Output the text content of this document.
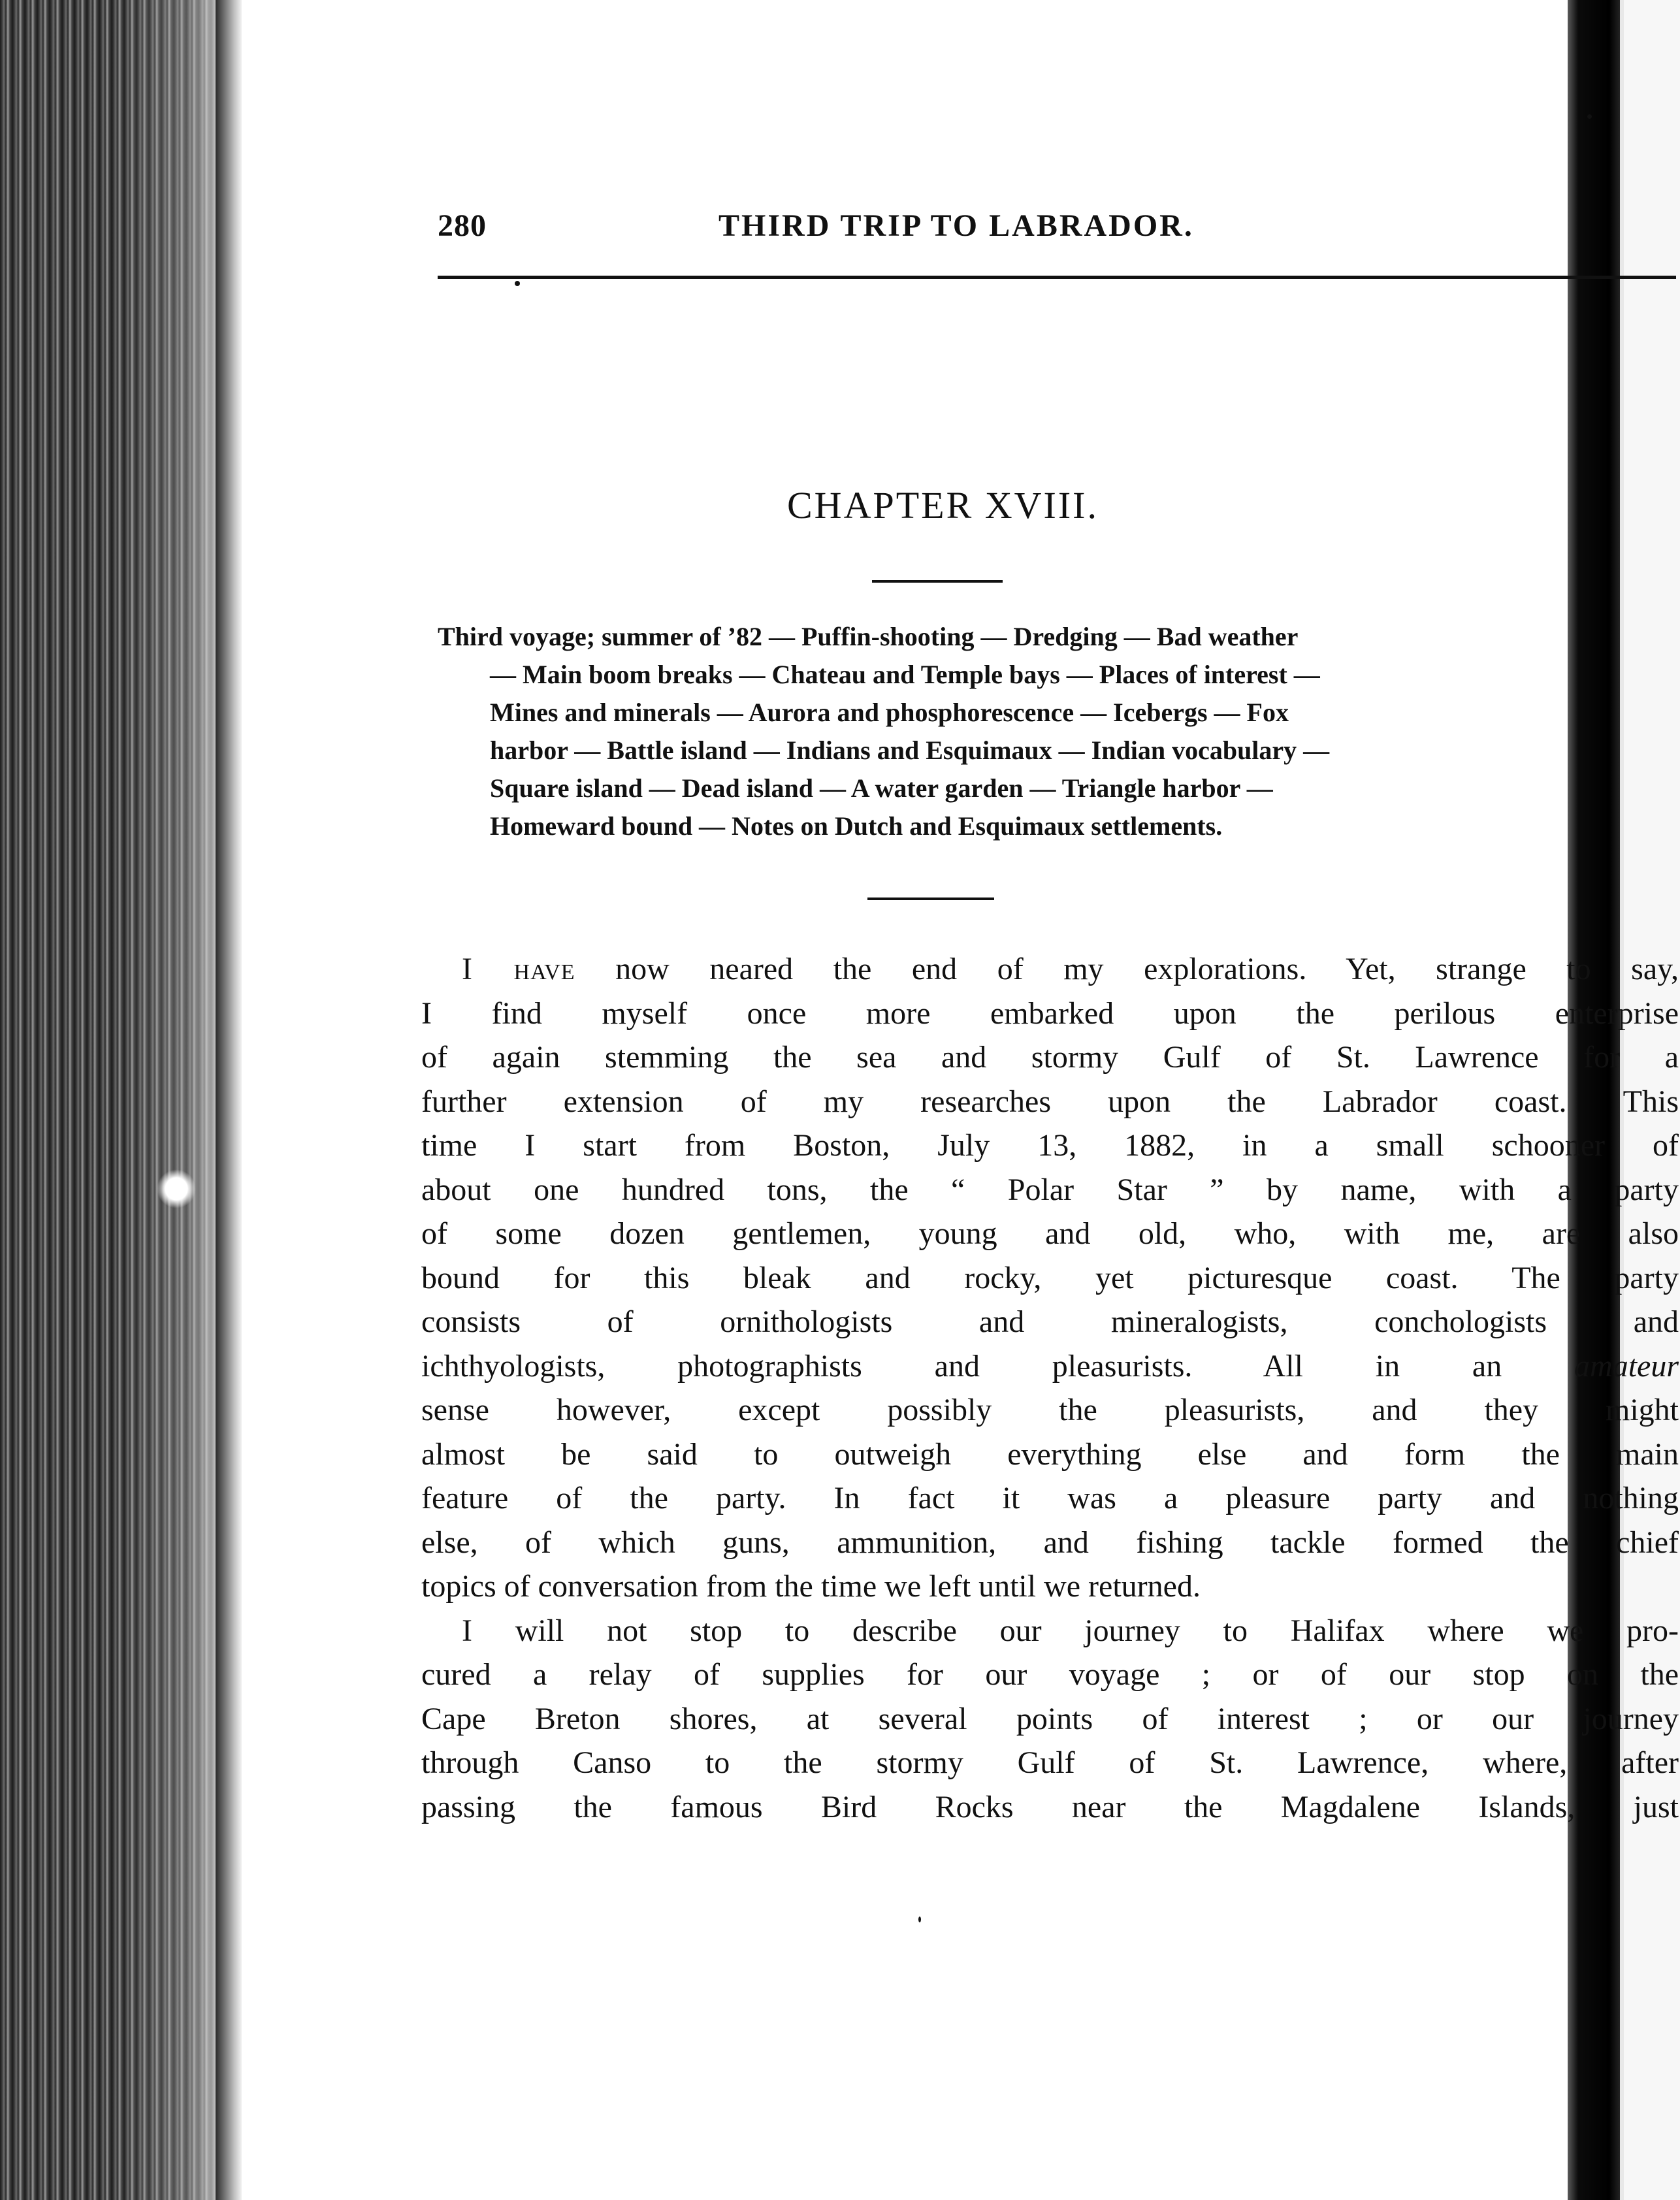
280	THIRD TRIP TO LABRADOR.
CHAPTER XVIII.
Third voyage; summer of ’82 — Puffin-shooting — Dredging — Bad weather
— Main boom breaks — Chateau and Temple bays — Places of interest —
Mines and minerals — Aurora and phosphorescence — Icebergs — Fox
harbor — Battle island — Indians and Esquimaux — Indian vocabulary —
Square island — Dead island — A water garden — Triangle harbor —
Homeward bound — Notes on Dutch and Esquimaux settlements.

I have now neared the end of my explorations. Yet, strange to say,
I find myself once more embarked upon the perilous enterprise
of again stemming the sea and stormy Gulf of St. Lawrence for a
further extension of my researches upon the Labrador coast. This
time I start from Boston, July 13, 1882, in a small schooner of
about one hundred tons, the “ Polar Star ” by name, with a party
of some dozen gentlemen, young and old, who, with me, are also
bound for this bleak and rocky, yet picturesque coast. The party
consists of ornithologists and mineralogists, conchologists and
ichthyologists, photographists and pleasurists. All in an amateur
sense however, except possibly the pleasurists, and they might
almost be said to outweigh everything else and form the main
feature of the party. In fact it was a pleasure party and nothing
else, of which guns, ammunition, and fishing tackle formed the chief
topics of conversation from the time we left until we returned.

I will not stop to describe our journey to Halifax where we pro-
cured a relay of supplies for our voyage ; or of our stop on the
Cape Breton shores, at several points of interest ; or our journey
through Canso to the stormy Gulf of St. Lawrence, where, after
passing the famous Bird Rocks near the Magdalene Islands, just
